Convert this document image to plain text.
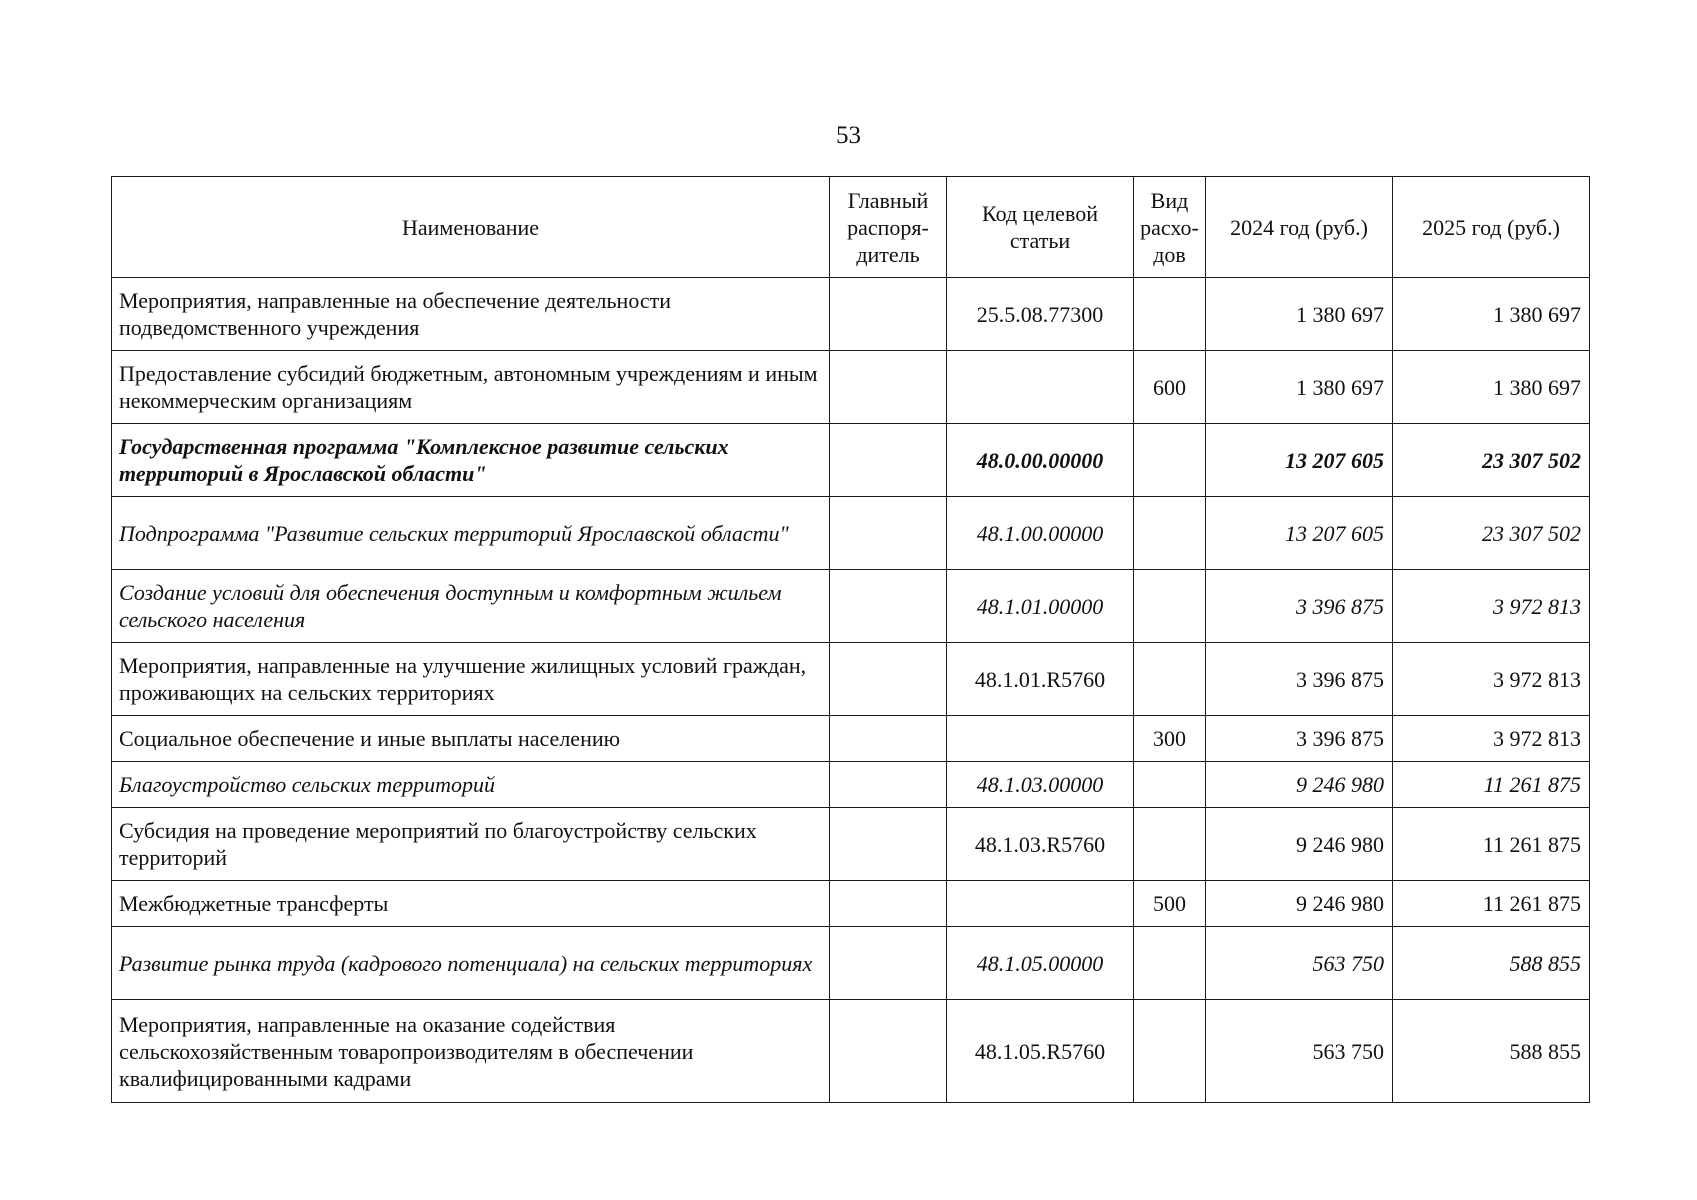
53
Наименование	Главный распоря-дитель	Код целевой статьи	Вид расхо-дов	2024 год (руб.)	2025 год (руб.)
Мероприятия, направленные на обеспечение деятельности подведомственного учреждения		25.5.08.77300		1 380 697	1 380 697
Предоставление субсидий бюджетным, автономным учреждениям и иным некоммерческим организациям			600	1 380 697	1 380 697
Государственная программа "Комплексное развитие сельских территорий в Ярославской области"		48.0.00.00000		13 207 605	23 307 502
Подпрограмма "Развитие сельских территорий Ярославской области"		48.1.00.00000		13 207 605	23 307 502
Создание условий для обеспечения доступным и комфортным жильем сельского населения		48.1.01.00000		3 396 875	3 972 813
Мероприятия, направленные на улучшение жилищных условий граждан, проживающих на сельских территориях		48.1.01.R5760		3 396 875	3 972 813
Социальное обеспечение и иные выплаты населению			300	3 396 875	3 972 813
Благоустройство сельских территорий		48.1.03.00000		9 246 980	11 261 875
Субсидия на проведение мероприятий по благоустройству сельских территорий		48.1.03.R5760		9 246 980	11 261 875
Межбюджетные трансферты			500	9 246 980	11 261 875
Развитие рынка труда (кадрового потенциала) на сельских территориях		48.1.05.00000		563 750	588 855
Мероприятия, направленные на оказание содействия сельскохозяйственным товаропроизводителям в обеспечении квалифицированными кадрами		48.1.05.R5760		563 750	588 855
